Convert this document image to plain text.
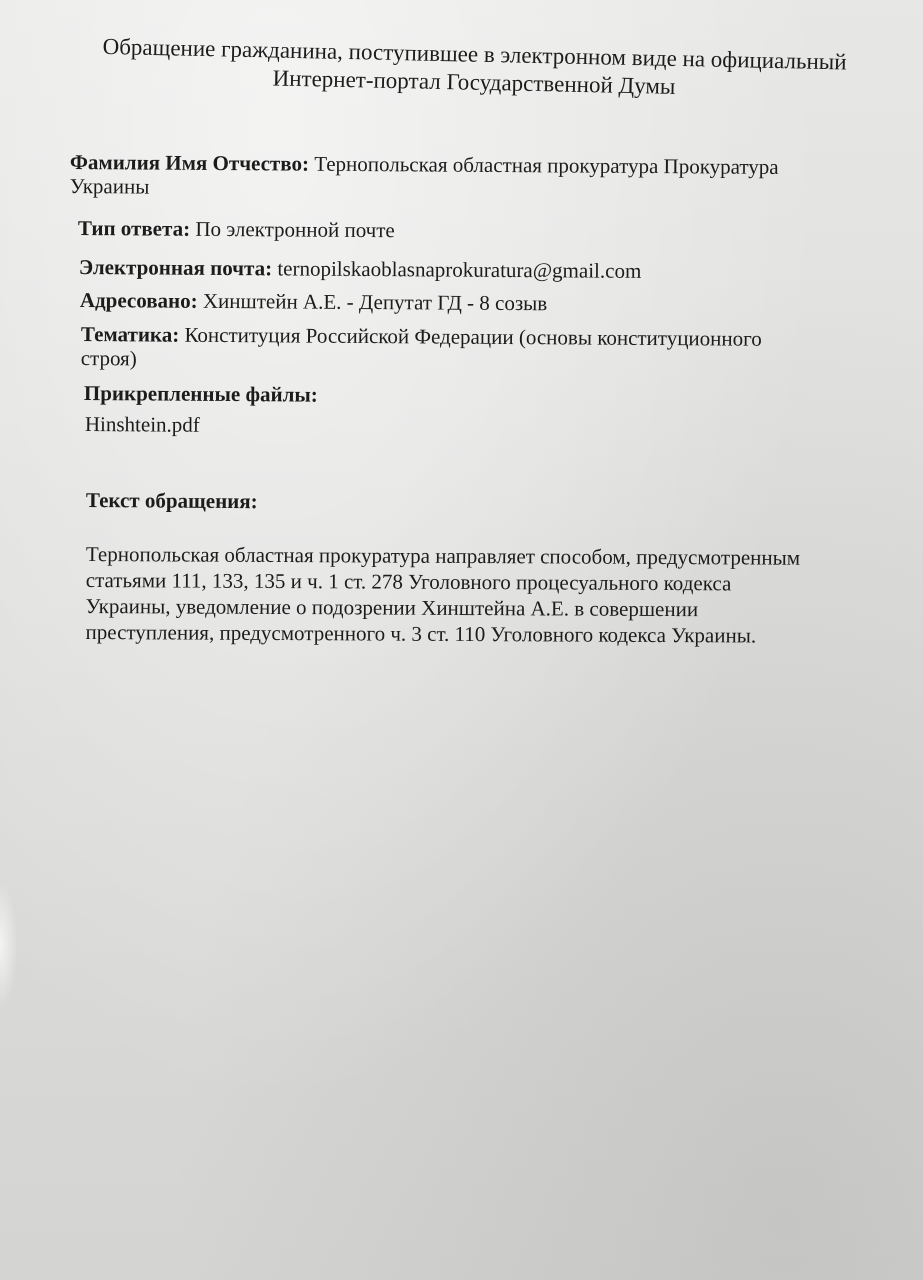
Обращение гражданина, поступившее в электронном виде на официальный
Интернет-портал Государственной Думы
Фамилия Имя Отчество: Тернопольская областная прокуратура Прокуратура
Украины
Тип ответа: По электронной почте
Электронная почта: ternopilskaoblasnaprokuratura@gmail.com
Адресовано: Хинштейн А.Е. - Депутат ГД - 8 созыв
Тематика: Конституция Российской Федерации (основы конституционного
строя)
Прикрепленные файлы:
Hinshtein.pdf
Текст обращения:
Тернопольская областная прокуратура направляет способом, предусмотренным
статьями 111, 133, 135 и ч. 1 ст. 278 Уголовного процесуального кодекса
Украины, уведомление о подозрении Хинштейна А.Е. в совершении
преступления, предусмотренного ч. 3 ст. 110 Уголовного кодекса Украины.
